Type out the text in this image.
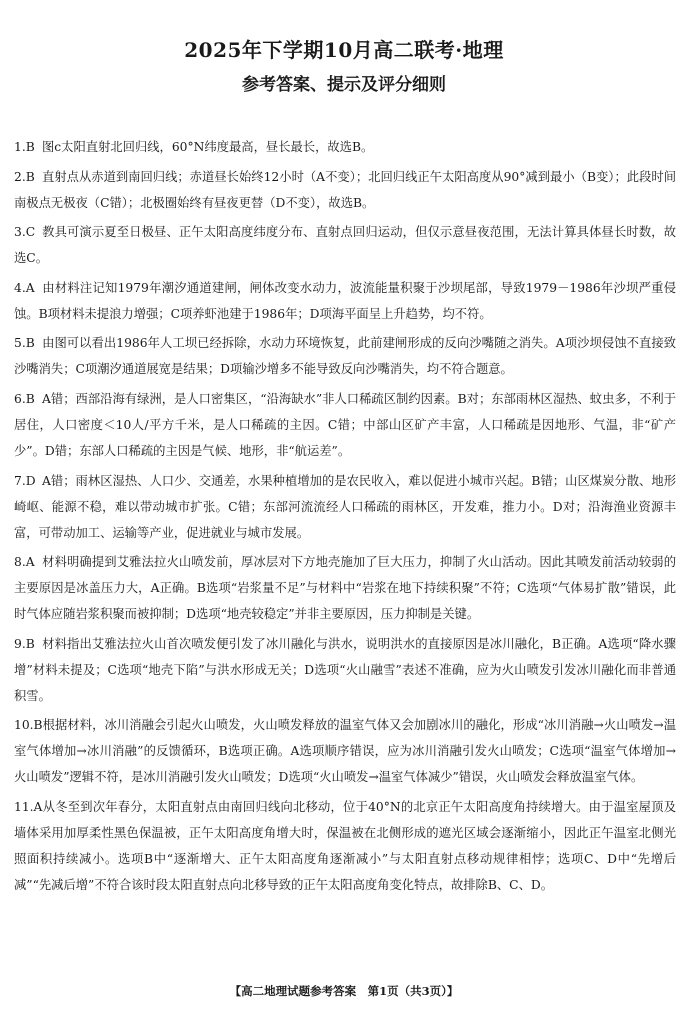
2025年下学期10月高二联考·地理
参考答案、提示及评分细则

1.B 图c太阳直射北回归线，60°N纬度最高，昼长最长，故选B。

2.B 直射点从赤道到南回归线；赤道昼长始终12小时（A不变）；北回归线正午太阳高度从90°减到最小（B变）；此段时间南极点无极夜（C错）；北极圈始终有昼夜更替（D不变），故选B。

3.C 教具可演示夏至日极昼、正午太阳高度纬度分布、直射点回归运动，但仅示意昼夜范围，无法计算具体昼长时数，故选C。

4.A 由材料注记知1979年潮汐通道建闸，闸体改变水动力，波流能量积聚于沙坝尾部，导致1979－1986年沙坝严重侵蚀。B项材料未提浪力增强；C项养虾池建于1986年；D项海平面呈上升趋势，均不符。

5.B 由图可以看出1986年人工坝已经拆除，水动力环境恢复，此前建闸形成的反向沙嘴随之消失。A项沙坝侵蚀不直接致沙嘴消失；C项潮汐通道展宽是结果；D项输沙增多不能导致反向沙嘴消失，均不符合题意。

6.B A错；西部沿海有绿洲，是人口密集区，“沿海缺水”非人口稀疏区制约因素。B对；东部雨林区湿热、蚊虫多，不利于居住，人口密度＜10人/平方千米，是人口稀疏的主因。C错；中部山区矿产丰富，人口稀疏是因地形、气温，非“矿产少”。D错；东部人口稀疏的主因是气候、地形，非“航运差”。

7.D A错；雨林区湿热、人口少、交通差，水果种植增加的是农民收入，难以促进小城市兴起。B错；山区煤炭分散、地形崎岖、能源不稳，难以带动城市扩张。C错；东部河流流经人口稀疏的雨林区，开发难，推力小。D对；沿海渔业资源丰富，可带动加工、运输等产业，促进就业与城市发展。

8.A 材料明确提到艾雅法拉火山喷发前，厚冰层对下方地壳施加了巨大压力，抑制了火山活动。因此其喷发前活动较弱的主要原因是冰盖压力大，A正确。B选项“岩浆量不足”与材料中“岩浆在地下持续积聚”不符；C选项“气体易扩散”错误，此时气体应随岩浆积聚而被抑制；D选项“地壳较稳定”并非主要原因，压力抑制是关键。

9.B 材料指出艾雅法拉火山首次喷发便引发了冰川融化与洪水，说明洪水的直接原因是冰川融化，B正确。A选项“降水骤增”材料未提及；C选项“地壳下陷”与洪水形成无关；D选项“火山融雪”表述不准确，应为火山喷发引发冰川融化而非普通积雪。

10.B根据材料，冰川消融会引起火山喷发，火山喷发释放的温室气体又会加剧冰川的融化，形成“冰川消融→火山喷发→温室气体增加→冰川消融”的反馈循环，B选项正确。A选项顺序错误，应为冰川消融引发火山喷发；C选项“温室气体增加→火山喷发”逻辑不符，是冰川消融引发火山喷发；D选项“火山喷发→温室气体减少”错误，火山喷发会释放温室气体。

11.A从冬至到次年春分，太阳直射点由南回归线向北移动，位于40°N的北京正午太阳高度角持续增大。由于温室屋顶及墙体采用加厚柔性黑色保温被，正午太阳高度角增大时，保温被在北侧形成的遮光区域会逐渐缩小，因此正午温室北侧光照面积持续减小。选项B中“逐渐增大、正午太阳高度角逐渐减小”与太阳直射点移动规律相悖；选项C、D中“先增后减”“先减后增”不符合该时段太阳直射点向北移导致的正午太阳高度角变化特点，故排除B、C、D。

【高二地理试题参考答案　第1页（共3页）】
